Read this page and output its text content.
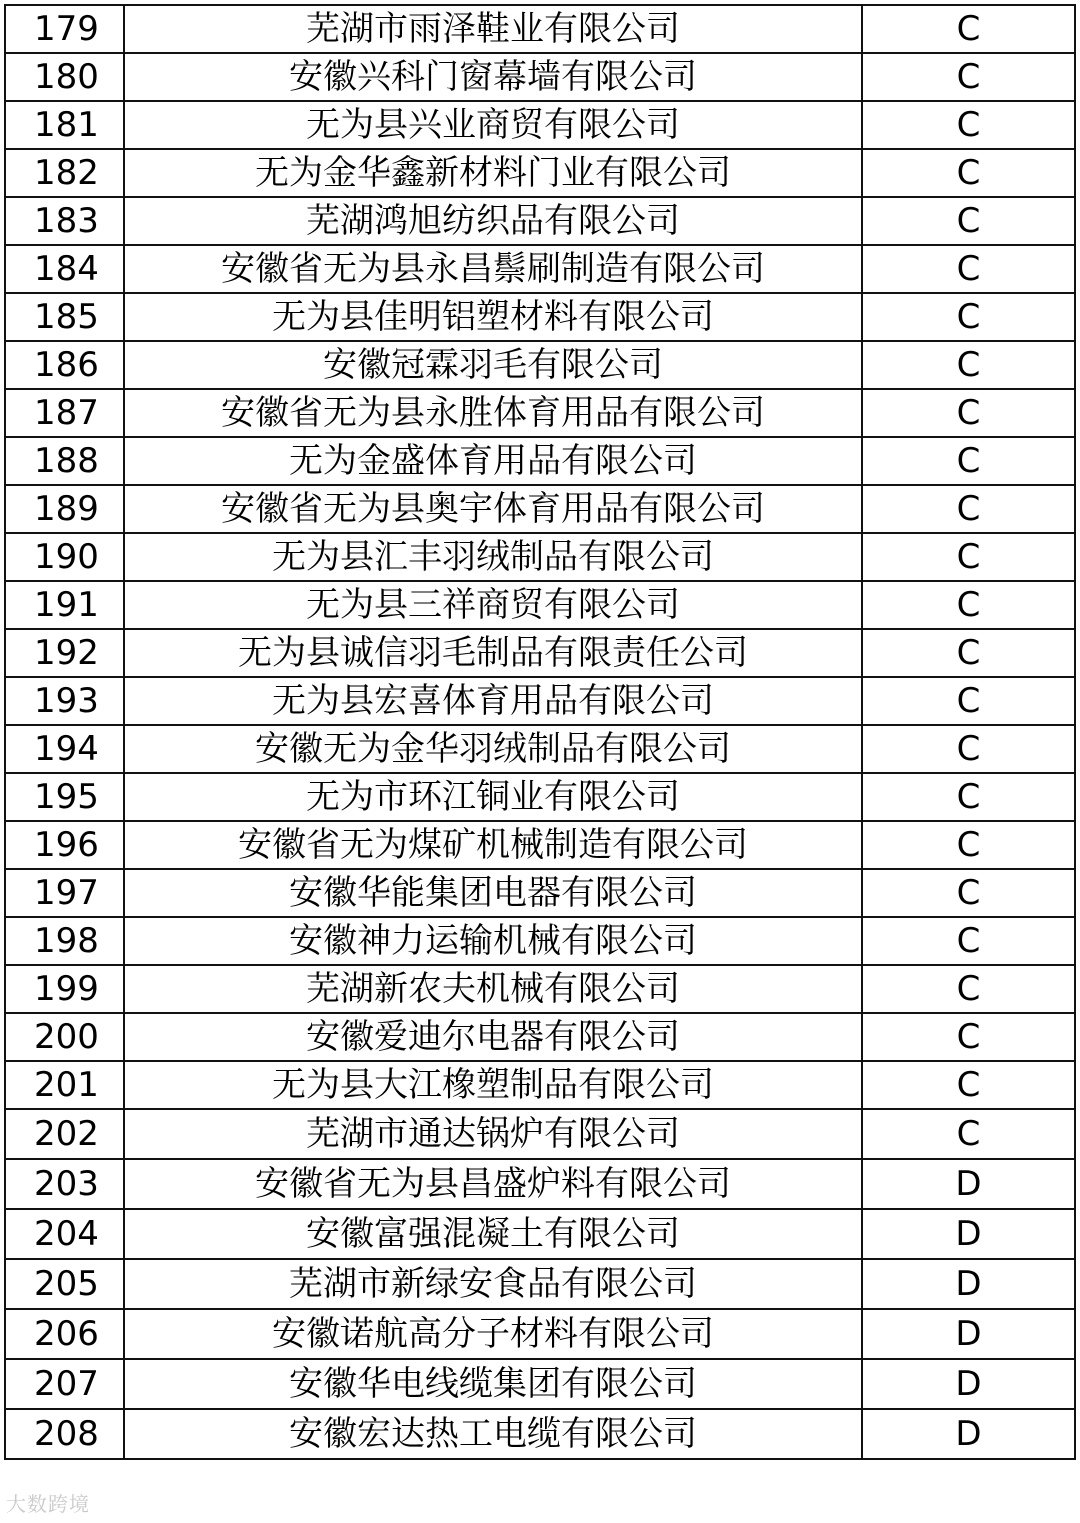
179	芜湖市雨泽鞋业有限公司	C
180	安徽兴科门窗幕墙有限公司	C
181	无为县兴业商贸有限公司	C
182	无为金华鑫新材料门业有限公司	C
183	芜湖鸿旭纺织品有限公司	C
184	安徽省无为县永昌鬃刷制造有限公司	C
185	无为县佳明铝塑材料有限公司	C
186	安徽冠霖羽毛有限公司	C
187	安徽省无为县永胜体育用品有限公司	C
188	无为金盛体育用品有限公司	C
189	安徽省无为县奥宇体育用品有限公司	C
190	无为县汇丰羽绒制品有限公司	C
191	无为县三祥商贸有限公司	C
192	无为县诚信羽毛制品有限责任公司	C
193	无为县宏喜体育用品有限公司	C
194	安徽无为金华羽绒制品有限公司	C
195	无为市环江铜业有限公司	C
196	安徽省无为煤矿机械制造有限公司	C
197	安徽华能集团电器有限公司	C
198	安徽神力运输机械有限公司	C
199	芜湖新农夫机械有限公司	C
200	安徽爱迪尔电器有限公司	C
201	无为县大江橡塑制品有限公司	C
202	芜湖市通达锅炉有限公司	C
203	安徽省无为县昌盛炉料有限公司	D
204	安徽富强混凝土有限公司	D
205	芜湖市新绿安食品有限公司	D
206	安徽诺航高分子材料有限公司	D
207	安徽华电线缆集团有限公司	D
208	安徽宏达热工电缆有限公司	D
大数跨境
